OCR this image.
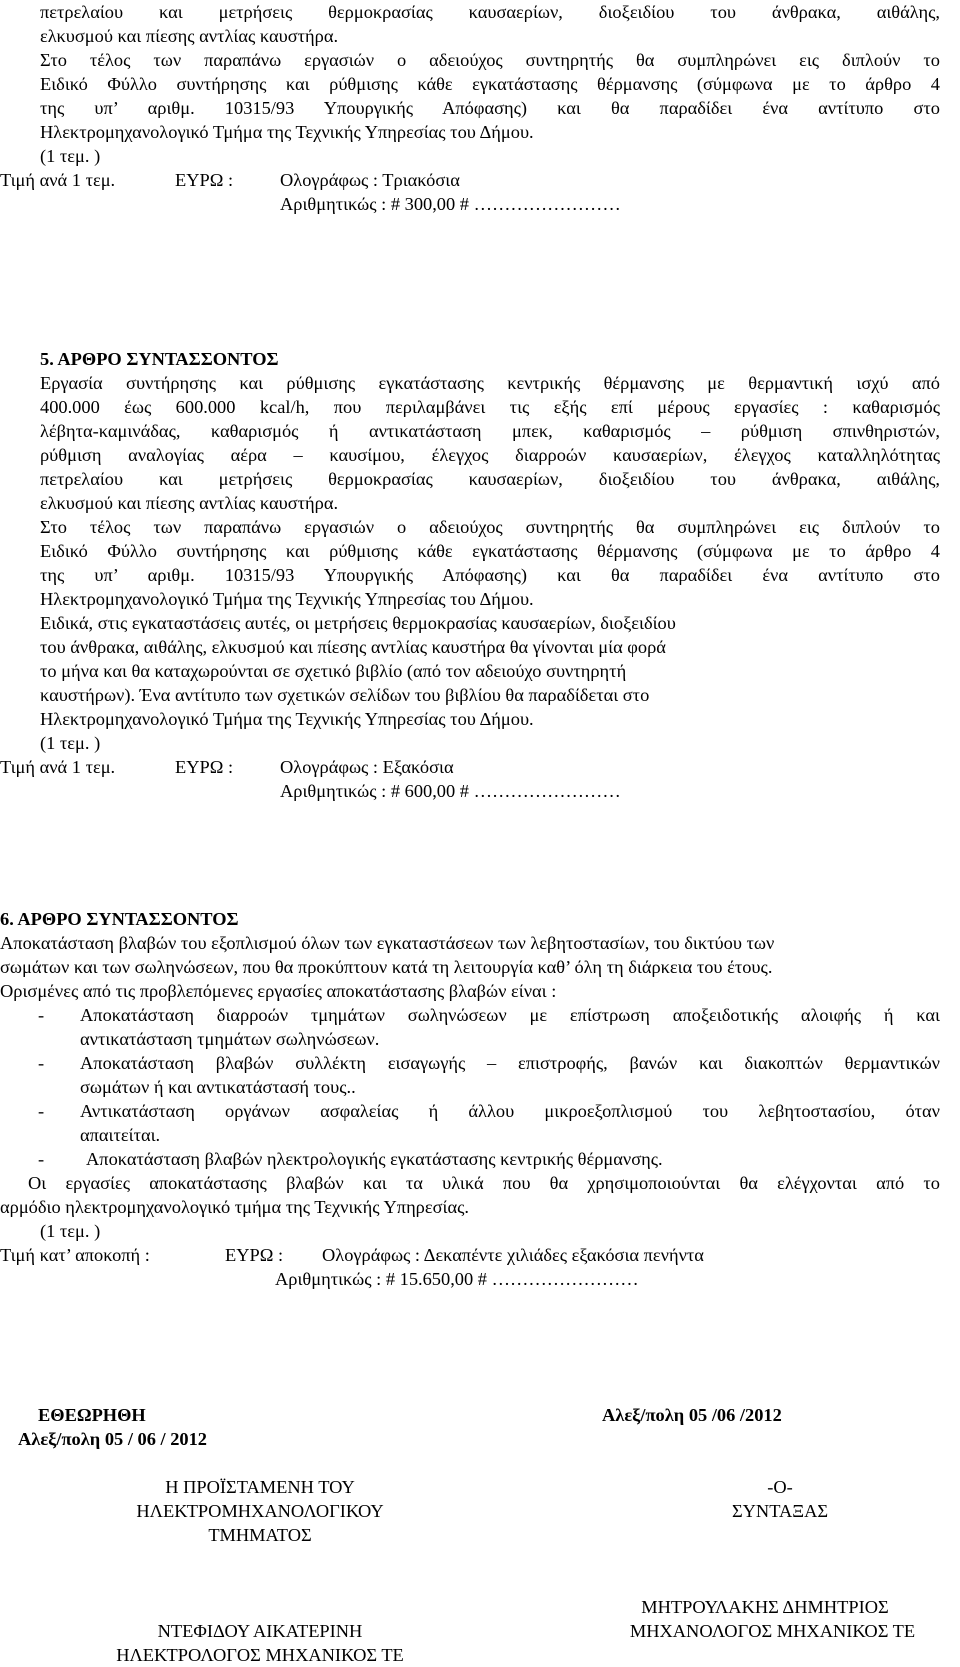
πετρελαίου και μετρήσεις θερμοκρασίας καυσαερίων, διοξειδίου του άνθρακα, αιθάλης,
ελκυσμού και πίεσης αντλίας καυστήρα.
Στο τέλος των παραπάνω εργασιών ο αδειούχος συντηρητής θα συμπληρώνει εις διπλούν το
Ειδικό Φύλλο συντήρησης και ρύθμισης κάθε εγκατάστασης θέρμανσης (σύμφωνα με το άρθρο 4
της υπ’ αριθμ. 10315/93 Υπουργικής Απόφασης) και θα παραδίδει ένα αντίτυπο στο
Ηλεκτρομηχανολογικό Τμήμα της Τεχνικής Υπηρεσίας του Δήμου.
(1 τεμ. )
Τιμή ανά 1 τεμ.	ΕΥΡΩ :	Ολογράφως : Τριακόσια
Αριθμητικώς : # 300,00 # ……………………
5. ΑΡΘΡΟ ΣΥΝΤΑΣΣΟΝΤΟΣ
Εργασία συντήρησης και ρύθμισης εγκατάστασης κεντρικής θέρμανσης με θερμαντική ισχύ από
400.000 έως 600.000 kcal/h, που περιλαμβάνει τις εξής επί μέρους εργασίες : καθαρισμός
λέβητα-καμινάδας, καθαρισμός ή αντικατάσταση μπεκ, καθαρισμός – ρύθμιση σπινθηριστών,
ρύθμιση αναλογίας αέρα – καυσίμου, έλεγχος διαρροών καυσαερίων, έλεγχος καταλληλότητας
πετρελαίου και μετρήσεις θερμοκρασίας καυσαερίων, διοξειδίου του άνθρακα, αιθάλης,
ελκυσμού και πίεσης αντλίας καυστήρα.
Στο τέλος των παραπάνω εργασιών ο αδειούχος συντηρητής θα συμπληρώνει εις διπλούν το
Ειδικό Φύλλο συντήρησης και ρύθμισης κάθε εγκατάστασης θέρμανσης (σύμφωνα με το άρθρο 4
της υπ’ αριθμ. 10315/93 Υπουργικής Απόφασης) και θα παραδίδει ένα αντίτυπο στο
Ηλεκτρομηχανολογικό Τμήμα της Τεχνικής Υπηρεσίας του Δήμου.
Ειδικά, στις εγκαταστάσεις αυτές, οι μετρήσεις θερμοκρασίας καυσαερίων, διοξειδίου
του άνθρακα, αιθάλης, ελκυσμού και πίεσης αντλίας καυστήρα θα γίνονται μία φορά
το μήνα και θα καταχωρούνται σε σχετικό βιβλίο (από τον αδειούχο συντηρητή
καυστήρων). Ένα αντίτυπο των σχετικών σελίδων του βιβλίου θα παραδίδεται στο
Ηλεκτρομηχανολογικό Τμήμα της Τεχνικής Υπηρεσίας του Δήμου.
(1 τεμ. )
Τιμή ανά 1 τεμ.	ΕΥΡΩ :	Ολογράφως : Εξακόσια
Αριθμητικώς : # 600,00 # ……………………
6. ΑΡΘΡΟ ΣΥΝΤΑΣΣΟΝΤΟΣ
Αποκατάσταση βλαβών του εξοπλισμού όλων των εγκαταστάσεων των λεβητοστασίων, του δικτύου των
σωμάτων και των σωληνώσεων, που θα προκύπτουν κατά τη λειτουργία καθ’ όλη τη διάρκεια του έτους.
Ορισμένες από τις προβλεπόμενες εργασίες αποκατάστασης βλαβών είναι :
- Αποκατάσταση διαρροών τμημάτων σωληνώσεων με επίστρωση αποξειδοτικής αλοιφής ή και
αντικατάσταση τμημάτων σωληνώσεων.
- Αποκατάσταση βλαβών συλλέκτη εισαγωγής – επιστροφής, βανών και διακοπτών θερμαντικών
σωμάτων ή και αντικατάστασή τους..
- Αντικατάσταση οργάνων ασφαλείας ή άλλου μικροεξοπλισμού του λεβητοστασίου, όταν
απαιτείται.
- Αποκατάσταση βλαβών ηλεκτρολογικής εγκατάστασης κεντρικής θέρμανσης.
Οι εργασίες αποκατάστασης βλαβών και τα υλικά που θα χρησιμοποιούνται θα ελέγχονται από το
αρμόδιο ηλεκτρομηχανολογικό τμήμα της Τεχνικής Υπηρεσίας.
(1 τεμ. )
Τιμή κατ’ αποκοπή :	ΕΥΡΩ : Ολογράφως : Δεκαπέντε χιλιάδες εξακόσια πενήντα
Αριθμητικώς : # 15.650,00 # ……………………
ΕΘΕΩΡΗΘΗ	Αλεξ/πολη 05 /06 /2012
Αλεξ/πολη 05 / 06 / 2012
Η ΠΡΟΪΣΤΑΜΕΝΗ ΤΟΥ
ΗΛΕΚΤΡΟΜΗΧΑΝΟΛΟΓΙΚΟΥ
ΤΜΗΜΑΤΟΣ
-Ο-
ΣΥΝΤΑΞΑΣ
ΜΗΤΡΟΥΛΑΚΗΣ ΔΗΜΗΤΡΙΟΣ
ΜΗΧΑΝΟΛΟΓΟΣ ΜΗΧΑΝΙΚΟΣ ΤΕ
ΝΤΕΦΙΔΟΥ ΑΙΚΑΤΕΡΙΝΗ
ΗΛΕΚΤΡΟΛΟΓΟΣ ΜΗΧΑΝΙΚΟΣ ΤΕ
